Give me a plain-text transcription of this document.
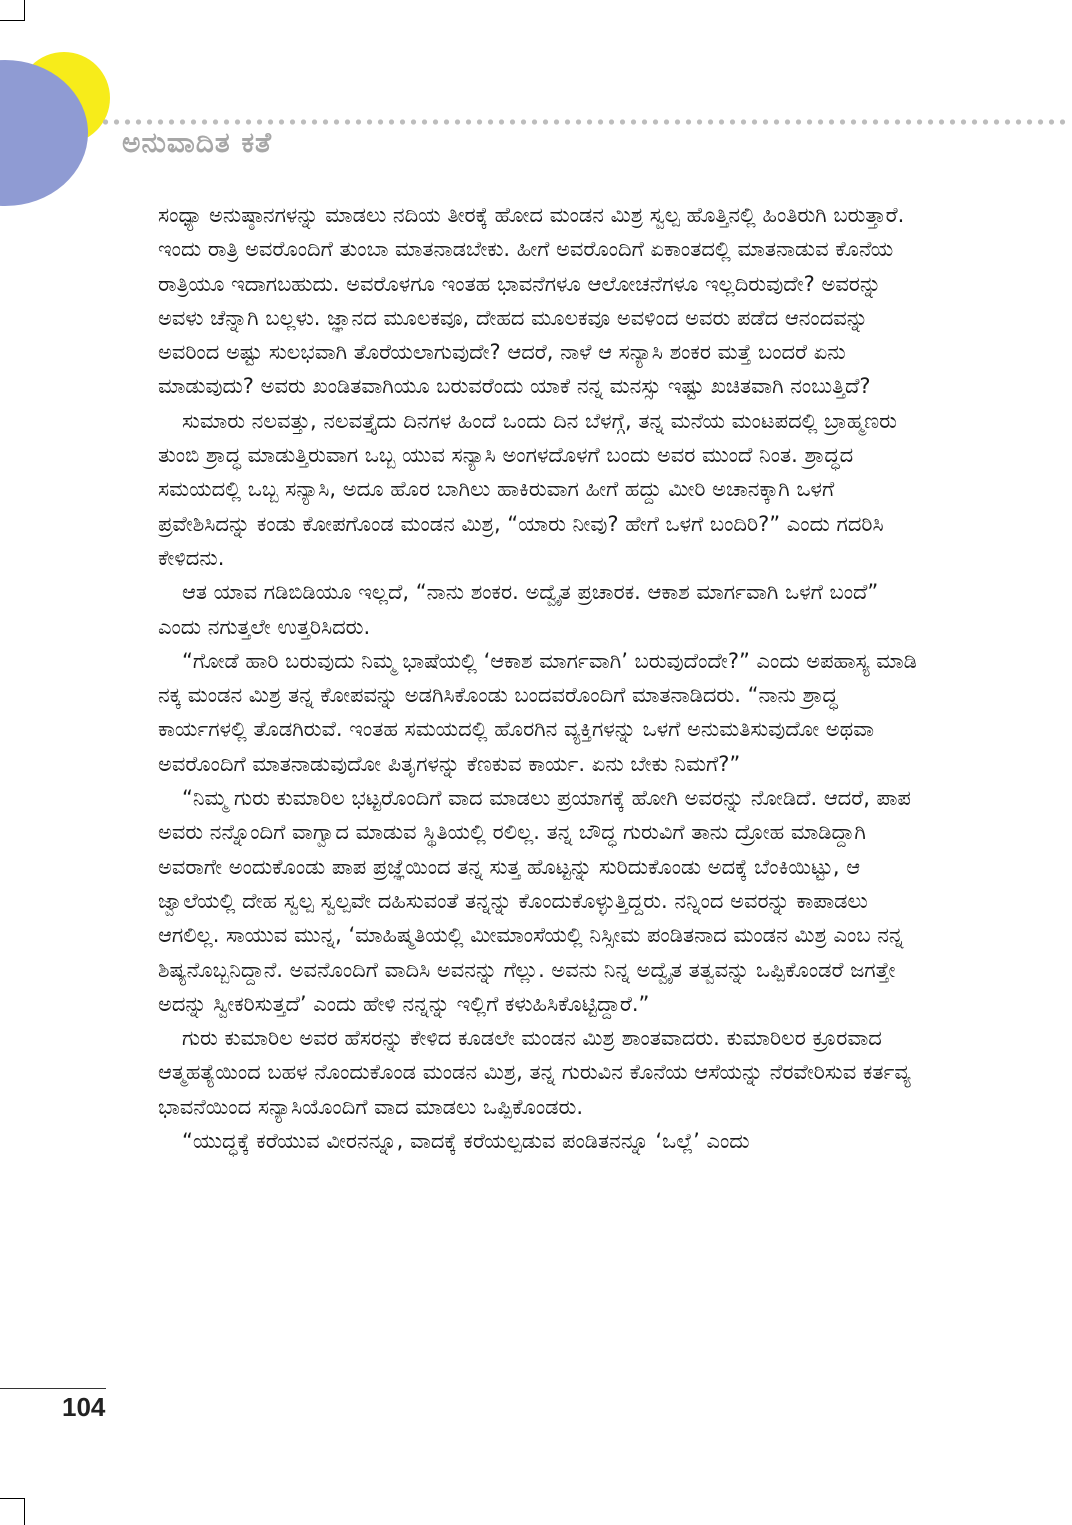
ಅನುವಾದಿತ ಕತೆ

ಸಂಧ್ಯಾ ಅನುಷ್ಠಾನಗಳನ್ನು ಮಾಡಲು ನದಿಯ ತೀರಕ್ಕೆ ಹೋದ ಮಂಡನ ಮಿಶ್ರ ಸ್ವಲ್ಪ ಹೊತ್ತಿನಲ್ಲಿ ಹಿಂತಿರುಗಿ ಬರುತ್ತಾರೆ. ಇಂದು ರಾತ್ರಿ ಅವರೊಂದಿಗೆ ತುಂಬಾ ಮಾತನಾಡಬೇಕು. ಹೀಗೆ ಅವರೊಂದಿಗೆ ಏಕಾಂತದಲ್ಲಿ ಮಾತನಾಡುವ ಕೊನೆಯ ರಾತ್ರಿಯೂ ಇದಾಗಬಹುದು. ಅವರೊಳಗೂ ಇಂತಹ ಭಾವನೆಗಳೂ ಆಲೋಚನೆಗಳೂ ಇಲ್ಲದಿರುವುದೇ? ಅವರನ್ನು ಅವಳು ಚೆನ್ನಾಗಿ ಬಲ್ಲಳು. ಜ್ಞಾನದ ಮೂಲಕವೂ, ದೇಹದ ಮೂಲಕವೂ ಅವಳಿಂದ ಅವರು ಪಡೆದ ಆನಂದವನ್ನು ಅವರಿಂದ ಅಷ್ಟು ಸುಲಭವಾಗಿ ತೊರೆಯಲಾಗುವುದೇ? ಆದರೆ, ನಾಳೆ ಆ ಸನ್ಯಾಸಿ ಶಂಕರ ಮತ್ತೆ ಬಂದರೆ ಏನು ಮಾಡುವುದು? ಅವರು ಖಂಡಿತವಾಗಿಯೂ ಬರುವರೆಂದು ಯಾಕೆ ನನ್ನ ಮನಸ್ಸು ಇಷ್ಟು ಖಚಿತವಾಗಿ ನಂಬುತ್ತಿದೆ?

ಸುಮಾರು ನಲವತ್ತು, ನಲವತ್ತೈದು ದಿನಗಳ ಹಿಂದೆ ಒಂದು ದಿನ ಬೆಳಗ್ಗೆ, ತನ್ನ ಮನೆಯ ಮಂಟಪದಲ್ಲಿ ಬ್ರಾಹ್ಮಣರು ತುಂಬಿ ಶ್ರಾದ್ಧ ಮಾಡುತ್ತಿರುವಾಗ ಒಬ್ಬ ಯುವ ಸನ್ಯಾಸಿ ಅಂಗಳದೊಳಗೆ ಬಂದು ಅವರ ಮುಂದೆ ನಿಂತ. ಶ್ರಾದ್ಧದ ಸಮಯದಲ್ಲಿ ಒಬ್ಬ ಸನ್ಯಾಸಿ, ಅದೂ ಹೊರ ಬಾಗಿಲು ಹಾಕಿರುವಾಗ ಹೀಗೆ ಹದ್ದು ಮೀರಿ ಅಚಾನಕ್ಕಾಗಿ ಒಳಗೆ ಪ್ರವೇಶಿಸಿದನ್ನು ಕಂಡು ಕೋಪಗೊಂಡ ಮಂಡನ ಮಿಶ್ರ, “ಯಾರು ನೀವು? ಹೇಗೆ ಒಳಗೆ ಬಂದಿರಿ?” ಎಂದು ಗದರಿಸಿ ಕೇಳಿದನು.

ಆತ ಯಾವ ಗಡಿಬಿಡಿಯೂ ಇಲ್ಲದೆ, “ನಾನು ಶಂಕರ. ಅದ್ವೈತ ಪ್ರಚಾರಕ. ಆಕಾಶ ಮಾರ್ಗವಾಗಿ ಒಳಗೆ ಬಂದೆ” ಎಂದು ನಗುತ್ತಲೇ ಉತ್ತರಿಸಿದರು.

“ಗೋಡೆ ಹಾರಿ ಬರುವುದು ನಿಮ್ಮ ಭಾಷೆಯಲ್ಲಿ ‘ಆಕಾಶ ಮಾರ್ಗವಾಗಿ’ ಬರುವುದೆಂದೇ?” ಎಂದು ಅಪಹಾಸ್ಯ ಮಾಡಿ ನಕ್ಕ ಮಂಡನ ಮಿಶ್ರ ತನ್ನ ಕೋಪವನ್ನು ಅಡಗಿಸಿಕೊಂಡು ಬಂದವರೊಂದಿಗೆ ಮಾತನಾಡಿದರು. “ನಾನು ಶ್ರಾದ್ಧ ಕಾರ್ಯಗಳಲ್ಲಿ ತೊಡಗಿರುವೆ. ಇಂತಹ ಸಮಯದಲ್ಲಿ ಹೊರಗಿನ ವ್ಯಕ್ತಿಗಳನ್ನು ಒಳಗೆ ಅನುಮತಿಸುವುದೋ ಅಥವಾ ಅವರೊಂದಿಗೆ ಮಾತನಾಡುವುದೋ ಪಿತೃಗಳನ್ನು ಕೆಣಕುವ ಕಾರ್ಯ. ಏನು ಬೇಕು ನಿಮಗೆ?”

“ನಿಮ್ಮ ಗುರು ಕುಮಾರಿಲ ಭಟ್ಟರೊಂದಿಗೆ ವಾದ ಮಾಡಲು ಪ್ರಯಾಗಕ್ಕೆ ಹೋಗಿ ಅವರನ್ನು ನೋಡಿದೆ. ಆದರೆ, ಪಾಪ ಅವರು ನನ್ನೊಂದಿಗೆ ವಾಗ್ವಾದ ಮಾಡುವ ಸ್ಥಿತಿಯಲ್ಲಿ ರಲಿಲ್ಲ. ತನ್ನ ಬೌದ್ಧ ಗುರುವಿಗೆ ತಾನು ದ್ರೋಹ ಮಾಡಿದ್ದಾಗಿ ಅವರಾಗೇ ಅಂದುಕೊಂಡು ಪಾಪ ಪ್ರಜ್ಞೆಯಿಂದ ತನ್ನ ಸುತ್ತ ಹೊಟ್ಟನ್ನು ಸುರಿದುಕೊಂಡು ಅದಕ್ಕೆ ಬೆಂಕಿಯಿಟ್ಟು, ಆ ಜ್ವಾಲೆಯಲ್ಲಿ ದೇಹ ಸ್ವಲ್ಪ ಸ್ವಲ್ಪವೇ ದಹಿಸುವಂತೆ ತನ್ನನ್ನು ಕೊಂದುಕೊಳ್ಳುತ್ತಿದ್ದರು. ನನ್ನಿಂದ ಅವರನ್ನು ಕಾಪಾಡಲು ಆಗಲಿಲ್ಲ. ಸಾಯುವ ಮುನ್ನ, ‘ಮಾಹಿಷ್ಮತಿಯಲ್ಲಿ ಮೀಮಾಂಸೆಯಲ್ಲಿ ನಿಸ್ಸೀಮ ಪಂಡಿತನಾದ ಮಂಡನ ಮಿಶ್ರ ಎಂಬ ನನ್ನ ಶಿಷ್ಯನೊಬ್ಬನಿದ್ದಾನೆ. ಅವನೊಂದಿಗೆ ವಾದಿಸಿ ಅವನನ್ನು ಗೆಲ್ಲು. ಅವನು ನಿನ್ನ ಅದ್ವೈತ ತತ್ವವನ್ನು ಒಪ್ಪಿಕೊಂಡರೆ ಜಗತ್ತೇ ಅದನ್ನು ಸ್ವೀಕರಿಸುತ್ತದೆ’ ಎಂದು ಹೇಳಿ ನನ್ನನ್ನು ಇಲ್ಲಿಗೆ ಕಳುಹಿಸಿಕೊಟ್ಟಿದ್ದಾರೆ.”

ಗುರು ಕುಮಾರಿಲ ಅವರ ಹೆಸರನ್ನು ಕೇಳಿದ ಕೂಡಲೇ ಮಂಡನ ಮಿಶ್ರ ಶಾಂತವಾದರು. ಕುಮಾರಿಲರ ಕ್ರೂರವಾದ ಆತ್ಮಹತ್ಯೆಯಿಂದ ಬಹಳ ನೊಂದುಕೊಂಡ ಮಂಡನ ಮಿಶ್ರ, ತನ್ನ ಗುರುವಿನ ಕೊನೆಯ ಆಸೆಯನ್ನು ನೆರವೇರಿಸುವ ಕರ್ತವ್ಯ ಭಾವನೆಯಿಂದ ಸನ್ಯಾಸಿಯೊಂದಿಗೆ ವಾದ ಮಾಡಲು ಒಪ್ಪಿಕೊಂಡರು.

“ಯುದ್ಧಕ್ಕೆ ಕರೆಯುವ ವೀರನನ್ನೂ, ವಾದಕ್ಕೆ ಕರೆಯಲ್ಪಡುವ ಪಂಡಿತನನ್ನೂ ‘ಒಲ್ಲೆ’ ಎಂದು

104
